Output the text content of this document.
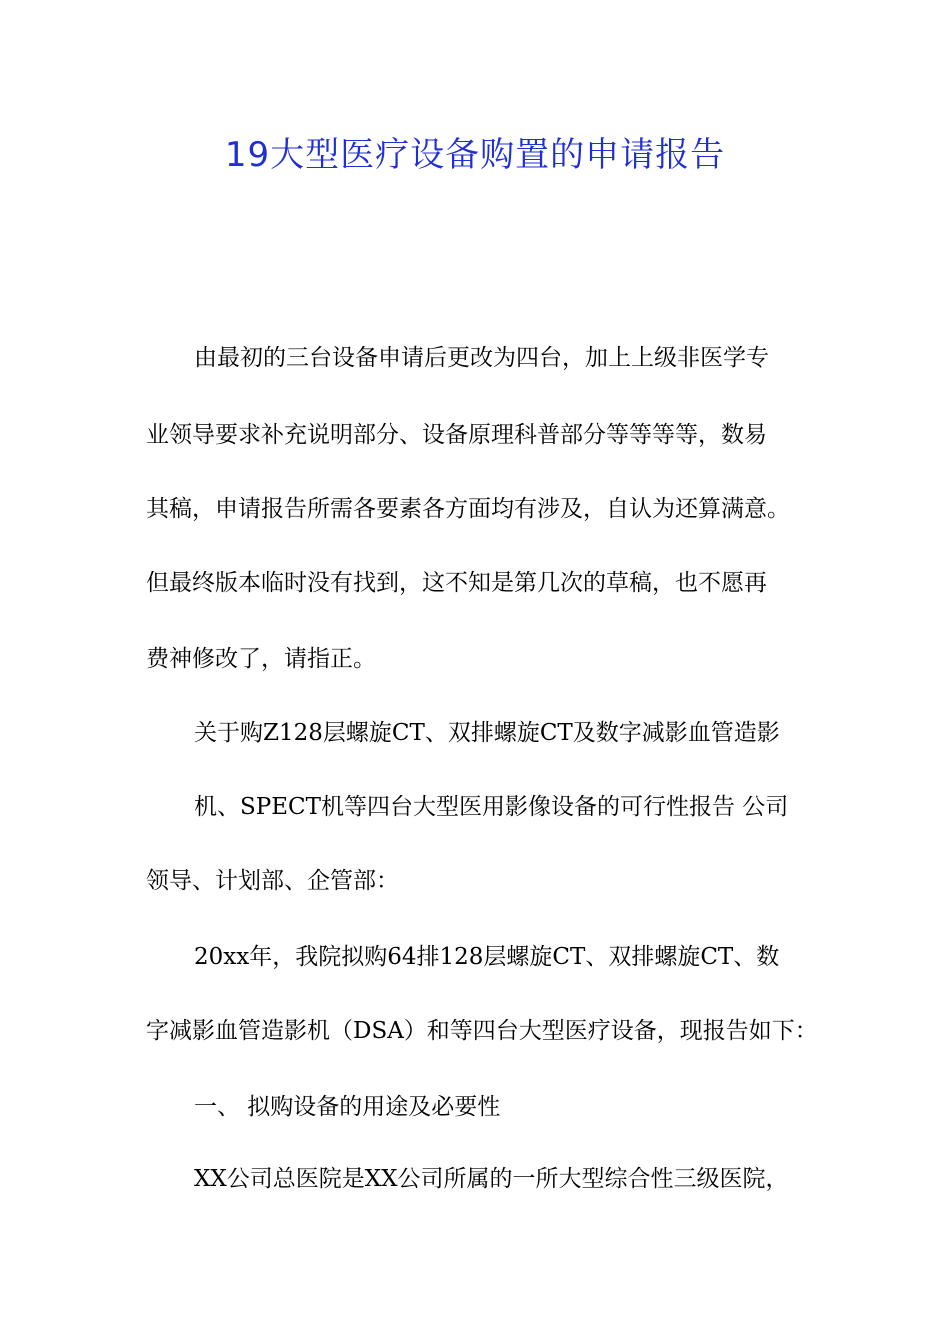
19大型医疗设备购置的申请报告
由最初的三台设备申请后更改为四台，加上上级非医学专
业领导要求补充说明部分、设备原理科普部分等等等等，数易
其稿，申请报告所需各要素各方面均有涉及，自认为还算满意。
但最终版本临时没有找到，这不知是第几次的草稿，也不愿再
费神修改了，请指正。
关于购Z128层螺旋CT、双排螺旋CT及数字减影血管造影
机、SPECT机等四台大型医用影像设备的可行性报告 公司
领导、计划部、企管部：
20xx年，我院拟购64排128层螺旋CT、双排螺旋CT、数
字减影血管造影机（DSA）和等四台大型医疗设备，现报告如下：
一、 拟购设备的用途及必要性
XX公司总医院是XX公司所属的一所大型综合性三级医院，
